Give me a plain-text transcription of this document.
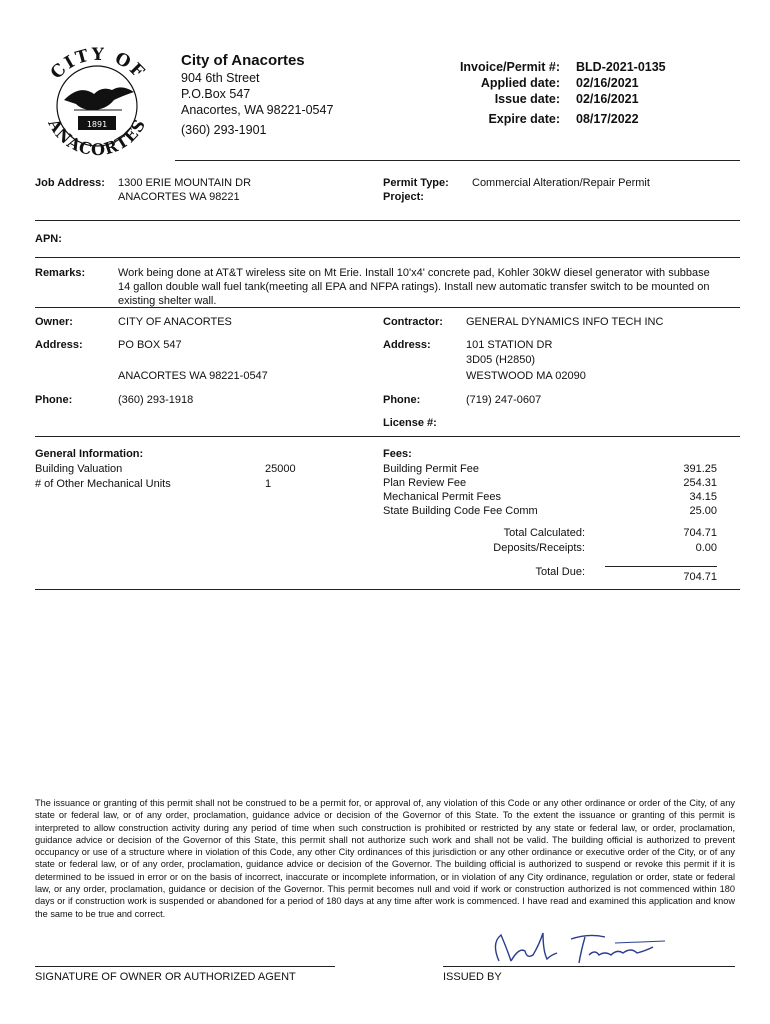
CITY OF
ANACORTES
1891
City of Anacortes
904 6th Street
P.O.Box 547
Anacortes, WA 98221-0547
(360) 293-1901
Invoice/Permit #: BLD-2021-0135
Applied date: 02/16/2021
Issue date: 02/16/2021
Expire date: 08/17/2022
Job Address: 1300 ERIE MOUNTAIN DR
ANACORTES WA 98221
Permit Type: Commercial Alteration/Repair Permit
Project:
APN:
Remarks:	Work being done at AT&T wireless site on Mt Erie. Install 10'x4' concrete pad, Kohler 30kW diesel generator with subbase 14 gallon double wall fuel tank(meeting all EPA and NFPA ratings). Install new automatic transfer switch to be mounted on existing shelter wall.
Owner:	CITY OF ANACORTES
Address:	PO BOX 547
ANACORTES WA 98221-0547
Phone:	(360) 293-1918
Contractor: GENERAL DYNAMICS INFO TECH INC
Address:	101 STATION DR
3D05 (H2850)
WESTWOOD MA 02090
Phone:	(719) 247-0607
License #:
General Information:
Building Valuation	25000
# of Other Mechanical Units	1
Fees:
Building Permit Fee	391.25
Plan Review Fee	254.31
Mechanical Permit Fees	34.15
State Building Code Fee Comm	25.00
Total Calculated:	704.71
Deposits/Receipts:	0.00
Total Due:	704.71
The issuance or granting of this permit shall not be construed to be a permit for, or approval of, any violation of this Code or any other ordinance or order of the City, of any state or federal law, or of any order, proclamation, guidance advice or decision of the Governor of this State. To the extent the issuance or granting of this permit is interpreted to allow construction activity during any period of time when such construction is prohibited or restricted by any state or federal law, or order, proclamation, guidance advice or decision of the Governor of this State, this permit shall not authorize such work and shall not be valid. The building official is authorized to prevent occupancy or use of a structure where in violation of this Code, any other City ordinances of this jurisdiction or any other ordinance or executive order of the City, or of any state or federal law, or of any order, proclamation, guidance advice or decision of the Governor. The building official is authorized to suspend or revoke this permit if it is determined to be issued in error or on the basis of incorrect, inaccurate or incomplete information, or in violation of any City ordinance, regulation or order, state or federal law, or any order, proclamation, guidance or decision of the Governor. This permit becomes null and void if work or construction authorized is not commenced within 180 days or if construction work is suspended or abandoned for a period of 180 days at any time after work is commenced. I have read and examined this application and know the same to be true and correct.
SIGNATURE OF OWNER OR AUTHORIZED AGENT	ISSUED BY
